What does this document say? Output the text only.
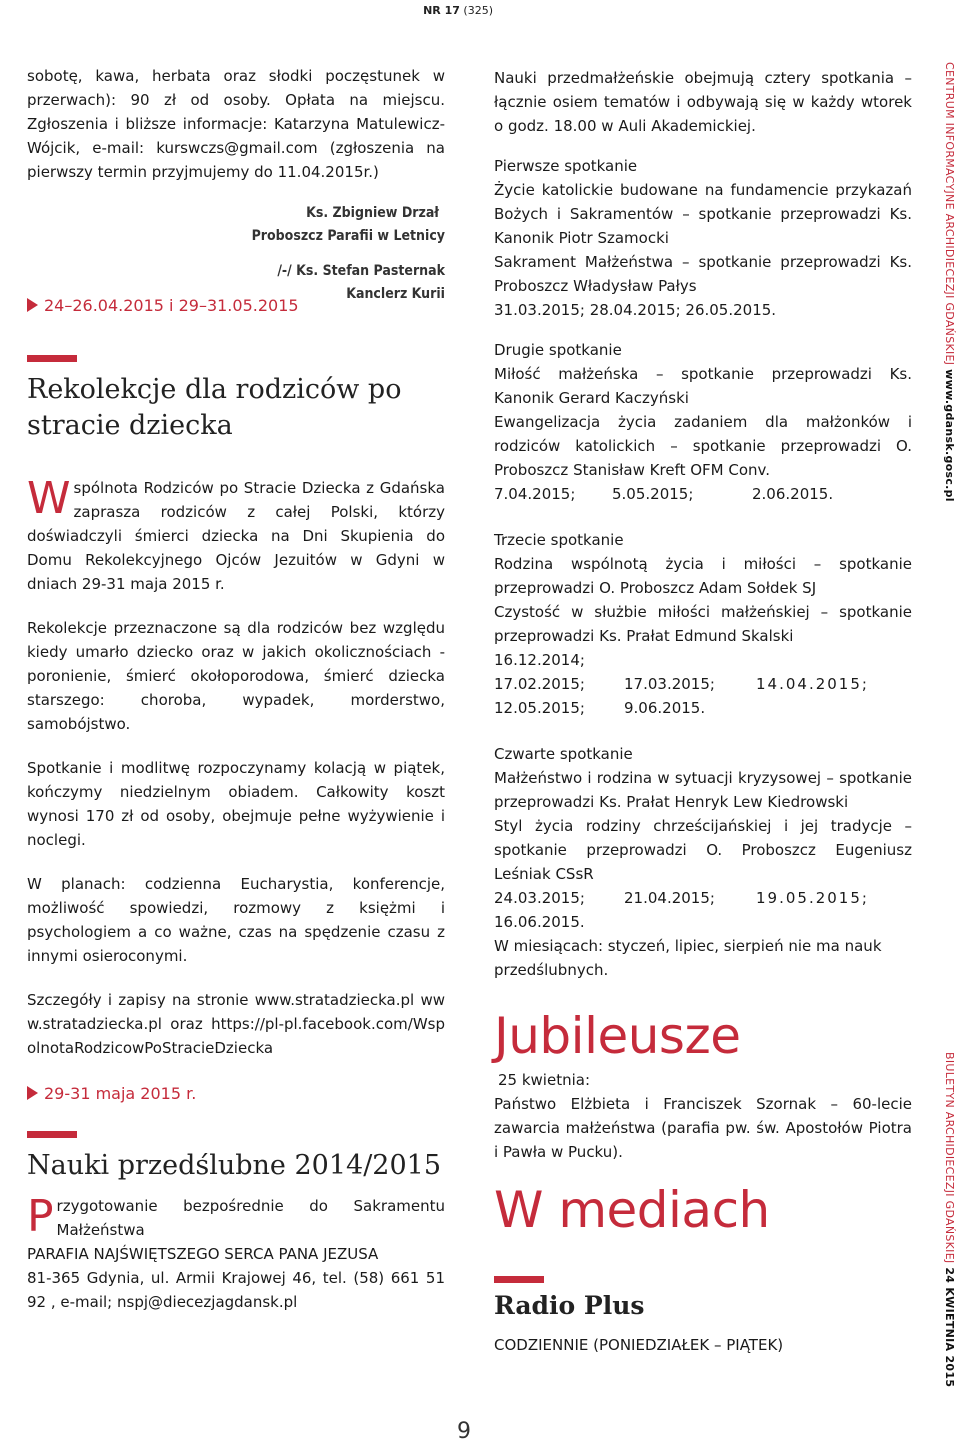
NR 17 (325)

sobotę, kawa, herbata oraz słodki poczęstunek w przerwach): 90 zł od osoby. Opłata na miejscu. Zgłoszenia i bliższe informacje: Katarzyna Matulewicz-Wójcik, e-mail: kurswczs@gmail.com (zgłoszenia na pierwszy termin przyjmujemy do 11.04.2015r.)

Ks. Zbigniew Drzał
Proboszcz Parafii w Letnicy
/-/ Ks. Stefan Pasternak
Kanclerz Kurii
24–26.04.2015 i 29–31.05.2015
Rekolekcje dla rodziców po stracie dziecka
W spólnota Rodziców po Stracie Dziecka z Gdańska zaprasza rodziców z całej Polski, którzy doświadczyli śmierci dziecka na Dni Skupienia do Domu Rekolekcyjnego Ojców Jezuitów w Gdyni w dniach 29-31 maja 2015 r.

Rekolekcje przeznaczone są dla rodziców bez względu kiedy umarło dziecko oraz w jakich okolicznościach - poronienie, śmierć okołoporodowa, śmierć dziecka starszego: choroba, wypadek, morderstwo, samobójstwo.

Spotkanie i modlitwę rozpoczynamy kolacją w piątek, kończymy niedzielnym obiadem. Całkowity koszt wynosi 170 zł od osoby, obejmuje pełne wyżywienie i noclegi.

W planach: codzienna Eucharystia, konferencje, możliwość spowiedzi, rozmowy z księżmi i psychologiem a co ważne, czas na spędzenie czasu z innymi osieroconymi.

Szczegóły i zapisy na stronie www.stratadziecka.pl www.stratadziecka.pl oraz https://pl-pl.facebook.com/WspolnotaRodzicowPoStracieDziecka

29-31 maja 2015 r.
Nauki przedślubne 2014/2015
P rzygotowanie bezpośrednie do Sakramentu Małżeństwa

PARAFIA NAJŚWIĘTSZEGO SERCA PANA JEZUSA

81-365 Gdynia, ul. Armii Krajowej 46, tel. (58) 661 51 92 , e-mail; nspj@diecezjagdansk.pl

Nauki przedmałżeńskie obejmują cztery spotkania – łącznie osiem tematów i odbywają się w każdy wtorek o godz. 18.00 w Auli Akademickiej.

Pierwsze spotkanie

Życie katolickie budowane na fundamencie przykazań Bożych i Sakramentów – spotkanie przeprowadzi Ks. Kanonik Piotr Szamocki

Sakrament Małżeństwa – spotkanie przeprowadzi Ks. Proboszcz Władysław Pałys

31.03.2015; 28.04.2015; 26.05.2015.

Drugie spotkanie

Miłość małżeńska – spotkanie przeprowadzi Ks. Kanonik Gerard Kaczyński

Ewangelizacja życia zadaniem dla małżonków i rodziców katolickich – spotkanie przeprowadzi O. Proboszcz Stanisław Kreft OFM Conv.

7.04.2015; 5.05.2015;	2.06.2015.

Trzecie spotkanie

Rodzina wspólnotą życia i miłości – spotkanie przeprowadzi O. Proboszcz Adam Sołdek SJ

Czystość w służbie miłości małżeńskiej – spotkanie przeprowadzi Ks. Prałat Edmund Skalski

16.12.2014;

17.02.2015;	17.03.2015;	14.04.2015;

12.05.2015;	9.06.2015.

Czwarte spotkanie

Małżeństwo i rodzina w sytuacji kryzysowej – spotkanie przeprowadzi Ks. Prałat Henryk Lew Kiedrowski

Styl życia rodziny chrześcijańskiej i jej tradycje – spotkanie przeprowadzi O. Proboszcz Eugeniusz Leśniak CSsR

24.03.2015;	21.04.2015;	19.05.2015;

16.06.2015.

W miesiącach: styczeń, lipiec, sierpień nie ma nauk przedślubnych.

Jubileusze

25 kwietnia:

Państwo Elżbieta i Franciszek Szornak – 60-lecie zawarcia małżeństwa (parafia pw. św. Apostołów Piotra i Pawła w Pucku).

W mediach
Radio Plus

CODZIENNIE (PONIEDZIAŁEK – PIĄTEK)

CENTRUM INFORMACYJNE ARCHIDIECEZJI GDAŃSKIEJ www.gdansk.gosc.pl
BIULETYN ARCHIDIECEZJI GDAŃSKIEJ 24 KWIETNIA 2015
9
